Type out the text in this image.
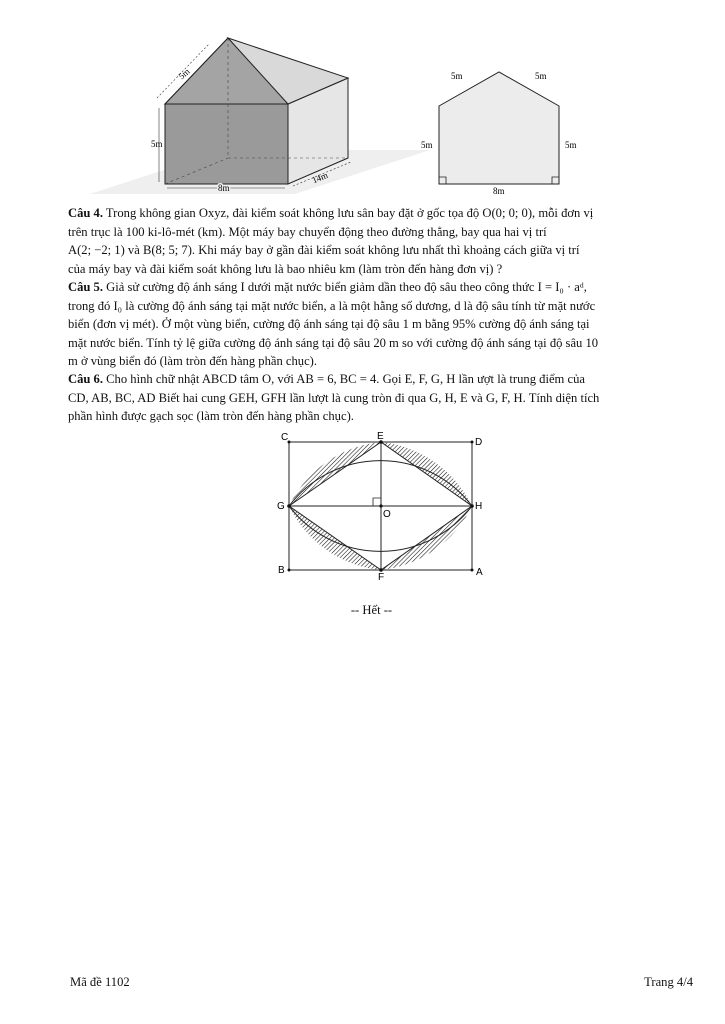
5m
5m
8m
14m
5m	5m
5m	5m
8m
Câu 4. Trong không gian Oxyz, đài kiểm soát không lưu sân bay đặt ở gốc tọa độ O(0; 0; 0), mỗi đơn vị
trên trục là 100 ki-lô-mét (km). Một máy bay chuyển động theo đường thẳng, bay qua hai vị trí
A(2; −2; 1) và B(8; 5; 7). Khi máy bay ở gần đài kiểm soát không lưu nhất thì khoảng cách giữa vị trí
của máy bay và đài kiểm soát không lưu là bao nhiêu km (làm tròn đến hàng đơn vị) ?
Câu 5. Giả sử cường độ ánh sáng I dưới mặt nước biển giảm dần theo độ sâu theo công thức I = I₀ · aᵈ,
trong đó I₀ là cường độ ánh sáng tại mặt nước biển, a là một hằng số dương, d là độ sâu tính từ mặt nước
biển (đơn vị mét). Ở một vùng biển, cường độ ánh sáng tại độ sâu 1 m bằng 95% cường độ ánh sáng tại
mặt nước biển. Tính tỷ lệ giữa cường độ ánh sáng tại độ sâu 20 m so với cường độ ánh sáng tại độ sâu 10
m ở vùng biển đó (làm tròn đến hàng phần chục).
Câu 6. Cho hình chữ nhật ABCD tâm O, với AB = 6, BC = 4. Gọi E, F, G, H lần ượt là trung điểm của
CD, AB, BC, AD Biết hai cung GEH, GFH lần lượt là cung tròn đi qua G, H, E và G, F, H. Tính diện tích
phần hình được gạch sọc (làm tròn đến hàng phần chục).
C	E
D
G
O
H
B
F	A
-- Hết --
Mã đề 1102	Trang 4/4
